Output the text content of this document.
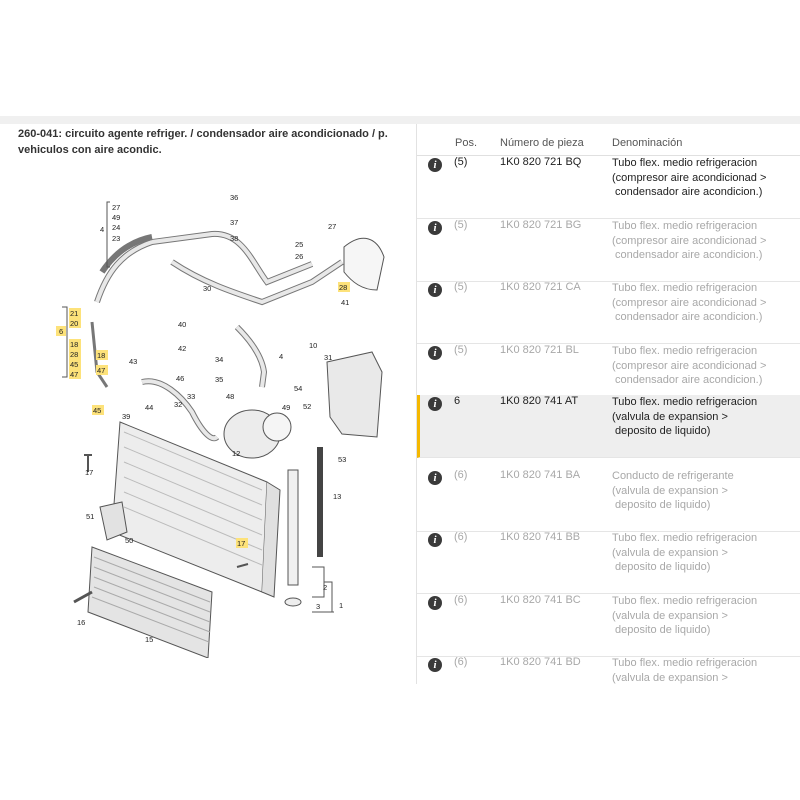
260-041: circuito agente refriger. / condensador aire acondicionado / p. vehiculos con aire acondic.
36
37
38
27
49
24
23
4	27
25
26
41
30
40
10
31
42
43
46
34
35
4
52
54
44
33
32	49
48
39
17
13
12
51
53
50
2
1
16
15
3
21
20
6
18
28
45
47
18
47
45
28
17
Pos. Número de pieza	Denominación
i	(5)	1K0 820 721 BQ	Tubo flex. medio refrigeracion
(compresor aire acondicionad >
condensador aire acondicion.)
i	(5)	1K0 820 721 BG	Tubo flex. medio refrigeracion
(compresor aire acondicionad >
condensador aire acondicion.)
i	(5)	1K0 820 721 CA	Tubo flex. medio refrigeracion
(compresor aire acondicionad >
condensador aire acondicion.)
i	(5)	1K0 820 721 BL	Tubo flex. medio refrigeracion
(compresor aire acondicionad >
condensador aire acondicion.)
i	6	1K0 820 741 AT	Tubo flex. medio refrigeracion
(valvula de expansion >
deposito de liquido)
i	(6)	1K0 820 741 BA	Conducto de refrigerante
(valvula de expansion >
deposito de liquido)
i	(6)	1K0 820 741 BB	Tubo flex. medio refrigeracion
(valvula de expansion >
deposito de liquido)
i	(6)	1K0 820 741 BC	Tubo flex. medio refrigeracion
(valvula de expansion >
deposito de liquido)
i	(6)	1K0 820 741 BD	Tubo flex. medio refrigeracion
(valvula de expansion >
